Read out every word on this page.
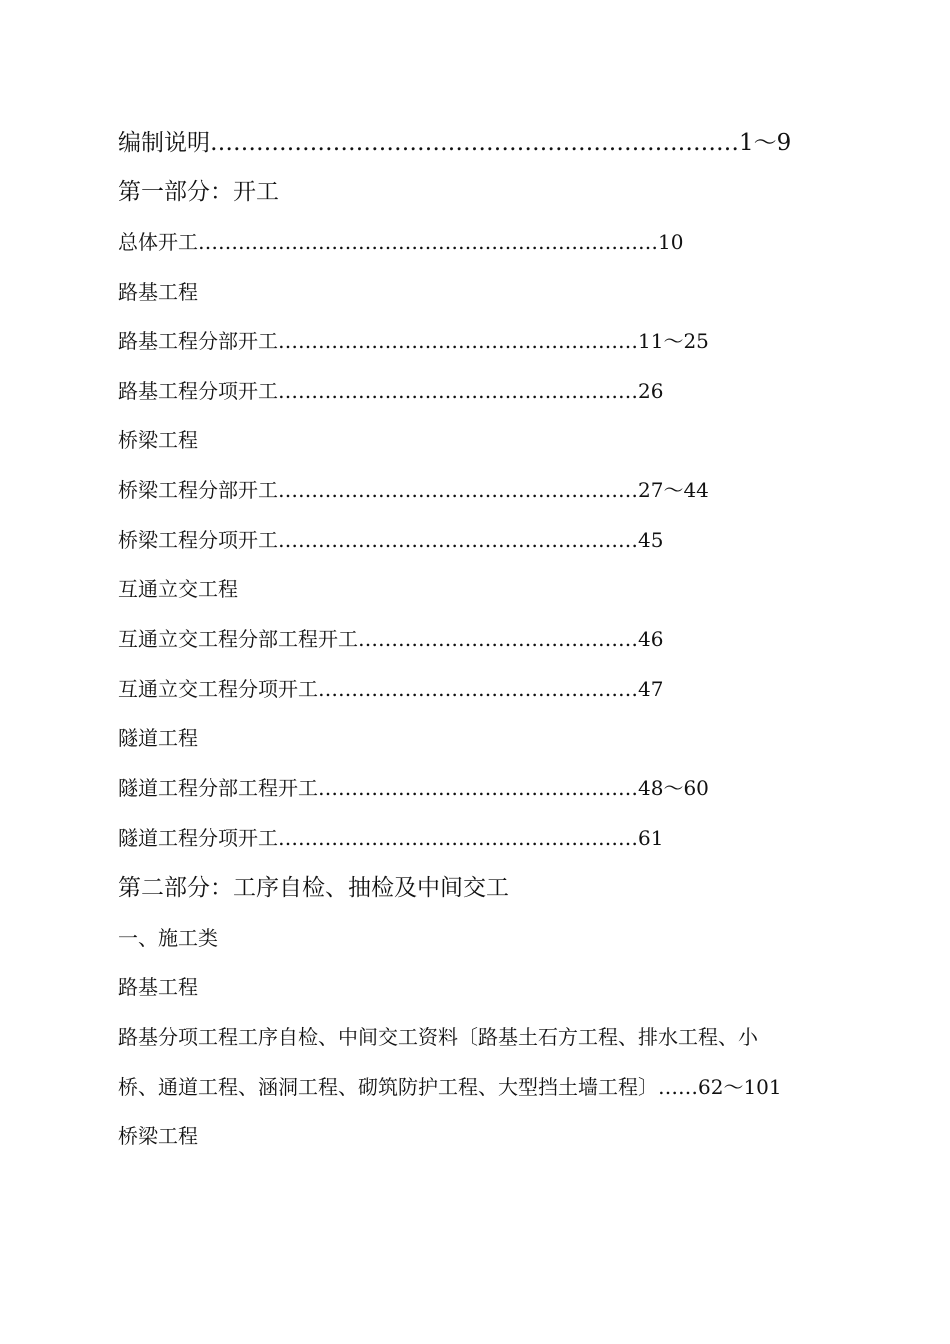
编制说明……………………………………………………………1～9
第一部分：开工
总体开工……………………………………………………………10
路基工程
路基工程分部开工………………………………………………11～25
路基工程分项开工………………………………………………26
桥梁工程
桥梁工程分部开工………………………………………………27～44
桥梁工程分项开工………………………………………………45
互通立交工程
互通立交工程分部工程开工……………………………………46
互通立交工程分项开工…………………………………………47
隧道工程
隧道工程分部工程开工…………………………………………48～60
隧道工程分项开工………………………………………………61
第二部分：工序自检、抽检及中间交工
一、施工类
路基工程
路基分项工程工序自检、中间交工资料〔路基土石方工程、排水工程、小
桥、通道工程、涵洞工程、砌筑防护工程、大型挡土墙工程〕……62～101
桥梁工程
